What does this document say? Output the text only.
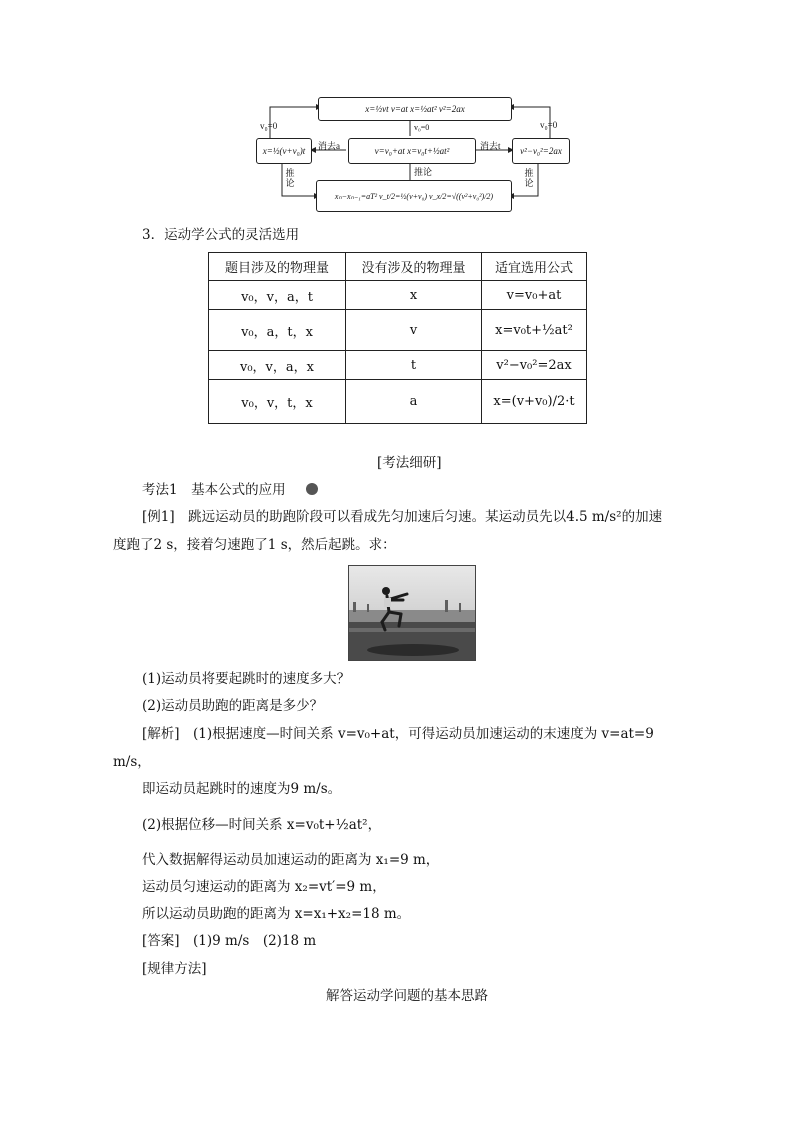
x=½vt v=at x=½at² v²=2ax
x=½(v+v₀)t	v=v₀+at x=v₀t+½at²	v²−v₀²=2ax
xₙ−xₙ₋₁=aT² v_t/2=½(v+v₀) v_x/2=√((v²+v₀²)/2)
v₀=0	v₀=0	v₀=0
消去a	消去t
推论
推论
推论
3．运动学公式的灵活选用
题目涉及的物理量	没有涉及的物理量	适宜选用公式
v₀，v，a，t	x	v=v₀+at
v₀，a，t，x	v	x=v₀t+½at²
v₀，v，a，x	t	v²−v₀²=2ax
v₀，v，t，x	a	x=(v+v₀)/2·t
[考法细研]
考法1　基本公式的应用
[例1]　跳远运动员的助跑阶段可以看成先匀加速后匀速。某运动员先以4.5 m/s²的加速
度跑了2 s，接着匀速跑了1 s，然后起跳。求：
(1)运动员将要起跳时的速度多大？
(2)运动员助跑的距离是多少？
[解析]　(1)根据速度—时间关系 v=v₀+at，可得运动员加速运动的末速度为 v=at=9
m/s，
即运动员起跳时的速度为9 m/s。
(2)根据位移—时间关系 x=v₀t+½at²，
代入数据解得运动员加速运动的距离为 x₁=9 m，
运动员匀速运动的距离为 x₂=vt′=9 m，
所以运动员助跑的距离为 x=x₁+x₂=18 m。
[答案]　(1)9 m/s　(2)18 m
[规律方法]
解答运动学问题的基本思路
